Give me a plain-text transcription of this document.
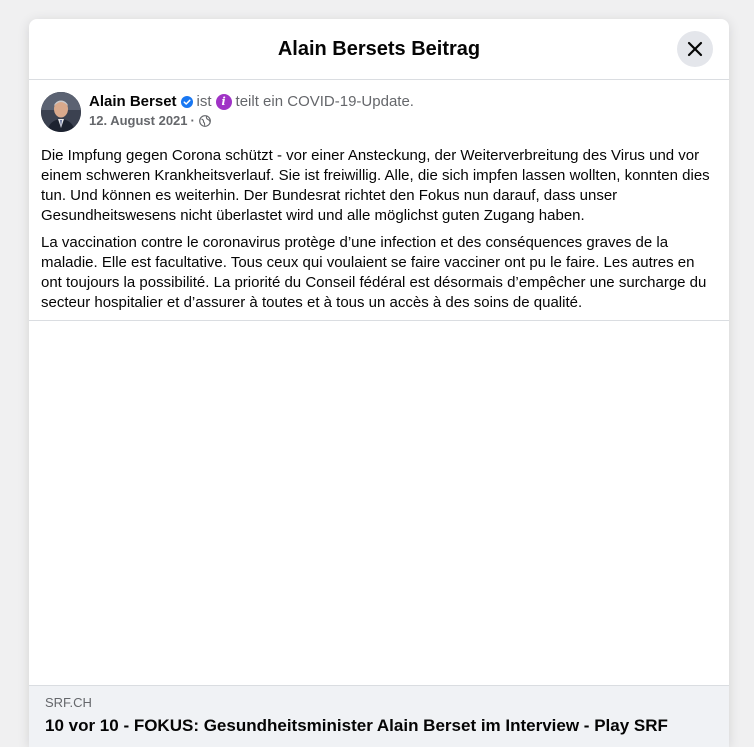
Alain Bersets Beitrag
Alain Berset ist i teilt ein COVID-19-Update.
12. August 2021 ·

Die Impfung gegen Corona schützt - vor einer Ansteckung, der Weiterverbreitung des Virus und vor einem schweren Krankheitsverlauf. Sie ist freiwillig. Alle, die sich impfen lassen wollten, konnten dies tun. Und können es weiterhin. Der Bundesrat richtet den Fokus nun darauf, dass unser Gesundheitswesens nicht überlastet wird und alle möglichst guten Zugang haben.

La vaccination contre le coronavirus protège d’une infection et des conséquences graves de la maladie. Elle est facultative. Tous ceux qui voulaient se faire vacciner ont pu le faire. Les autres en ont toujours la possibilité. La priorité du Conseil fédéral est désormais d’empêcher une surcharge du secteur hospitalier et d’assurer à toutes et à tous un accès à des soins de qualité.

SRF.CH
10 vor 10 - FOKUS: Gesundheitsminister Alain Berset im Interview - Play SRF
